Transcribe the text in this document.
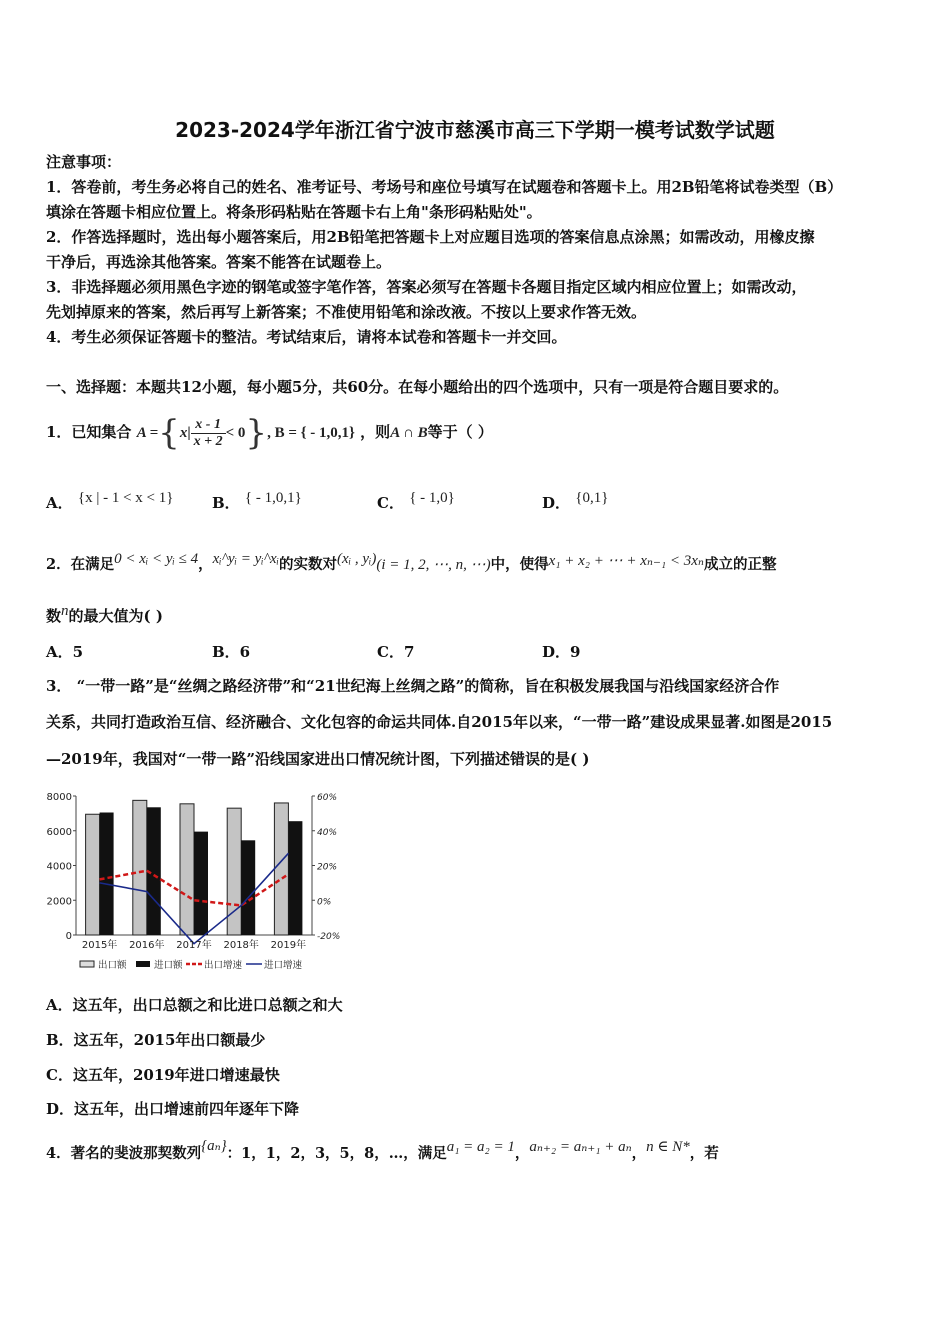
2023-2024学年浙江省宁波市慈溪市高三下学期一模考试数学试题
注意事项：
1．答卷前，考生务必将自己的姓名、准考证号、考场号和座位号填写在试题卷和答题卡上。用2B铅笔将试卷类型（B）
填涂在答题卡相应位置上。将条形码粘贴在答题卡右上角"条形码粘贴处"。
2．作答选择题时，选出每小题答案后，用2B铅笔把答题卡上对应题目选项的答案信息点涂黑；如需改动，用橡皮擦
干净后，再选涂其他答案。答案不能答在试题卷上。
3．非选择题必须用黑色字迹的钢笔或签字笔作答，答案必须写在答题卡各题目指定区域内相应位置上；如需改动，
先划掉原来的答案，然后再写上新答案；不准使用铅笔和涂改液。不按以上要求作答无效。
4．考生必须保证答题卡的整洁。考试结束后，请将本试卷和答题卡一并交回。
一、选择题：本题共12小题，每小题5分，共60分。在每小题给出的四个选项中，只有一项是符合题目要求的。
1．已知集合 $A =\{x| \frac{x - 1}{x + 2} < 0\}$, B = { - 1,0,1} ，则A ∩ B等于（ ）
A． {x | - 1 < x < 1}	B． { - 1,0,1}	C． { - 1,0}	D． {0,1}
2．在满足0 < xᵢ < yᵢ ≤ 4，xᵢ^yᵢ = yᵢ^xᵢ的实数对(xᵢ , yᵢ)(i = 1, 2, ⋯, n, ⋯)中，使得x₁ + x₂ + ⋯ + xₙ₋₁ < 3xₙ成立的正整
数n的最大值为( )
A．5	B．6	C．7	D．9
3． “一带一路”是“丝绸之路经济带”和“21世纪海上丝绸之路”的简称，旨在积极发展我国与沿线国家经济合作
关系，共同打造政治互信、经济融合、文化包容的命运共同体.自2015年以来，“一带一路”建设成果显著.如图是2015
—2019年，我国对“一带一路”沿线国家进出口情况统计图，下列描述错误的是( )
8000
6000
4000
2000
0
60%
40%
20%
0%
-20%
2015年 2016年 2017年 2018年 2019年
出口额	进口额 出口增速 进口增速
A．这五年，出口总额之和比进口总额之和大
B．这五年，2015年出口额最少
C．这五年，2019年进口增速最快
D．这五年，出口增速前四年逐年下降
4．著名的斐波那契数列{aₙ}：1，1，2，3，5，8，…，满足a₁ = a₂ = 1，aₙ₊₂ = aₙ₊₁ + aₙ，n ∈ N*，若
